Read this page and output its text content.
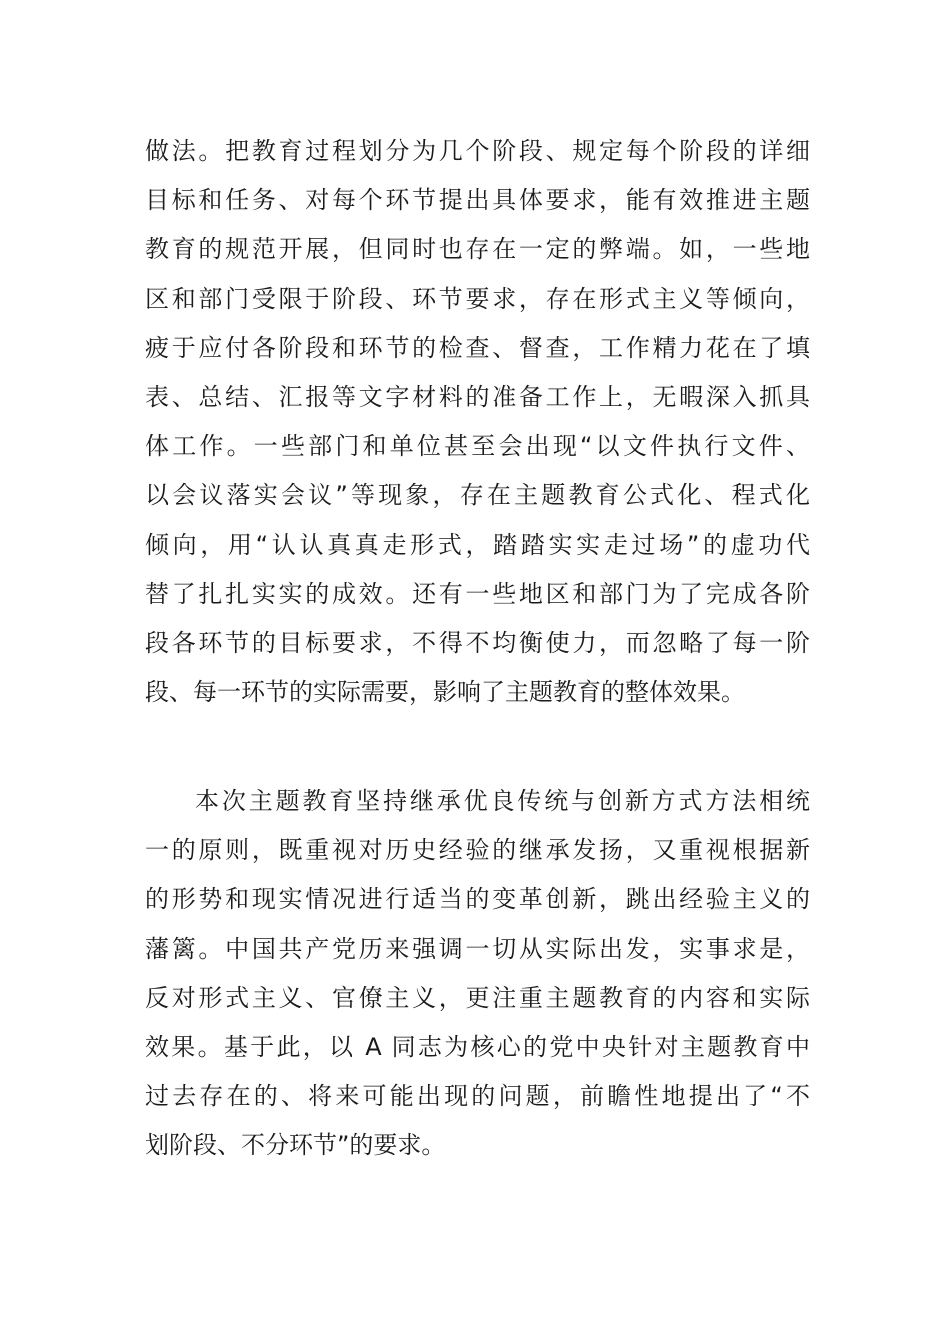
做法。把教育过程划分为几个阶段、规定每个阶段的详细
目标和任务、对每个环节提出具体要求，能有效推进主题
教育的规范开展，但同时也存在一定的弊端。如，一些地
区和部门受限于阶段、环节要求，存在形式主义等倾向，
疲于应付各阶段和环节的检查、督查，工作精力花在了填
表、总结、汇报等文字材料的准备工作上，无暇深入抓具
体工作。一些部门和单位甚至会出现“以文件执行文件、
以会议落实会议”等现象，存在主题教育公式化、程式化
倾向，用“认认真真走形式，踏踏实实走过场”的虚功代
替了扎扎实实的成效。还有一些地区和部门为了完成各阶
段各环节的目标要求，不得不均衡使力，而忽略了每一阶
段、每一环节的实际需要，影响了主题教育的整体效果。
本次主题教育坚持继承优良传统与创新方式方法相统
一的原则，既重视对历史经验的继承发扬，又重视根据新
的形势和现实情况进行适当的变革创新，跳出经验主义的
藩篱。中国共产党历来强调一切从实际出发，实事求是，
反对形式主义、官僚主义，更注重主题教育的内容和实际
效果。基于此，以 A 同志为核心的党中央针对主题教育中
过去存在的、将来可能出现的问题，前瞻性地提出了“不
划阶段、不分环节”的要求。
